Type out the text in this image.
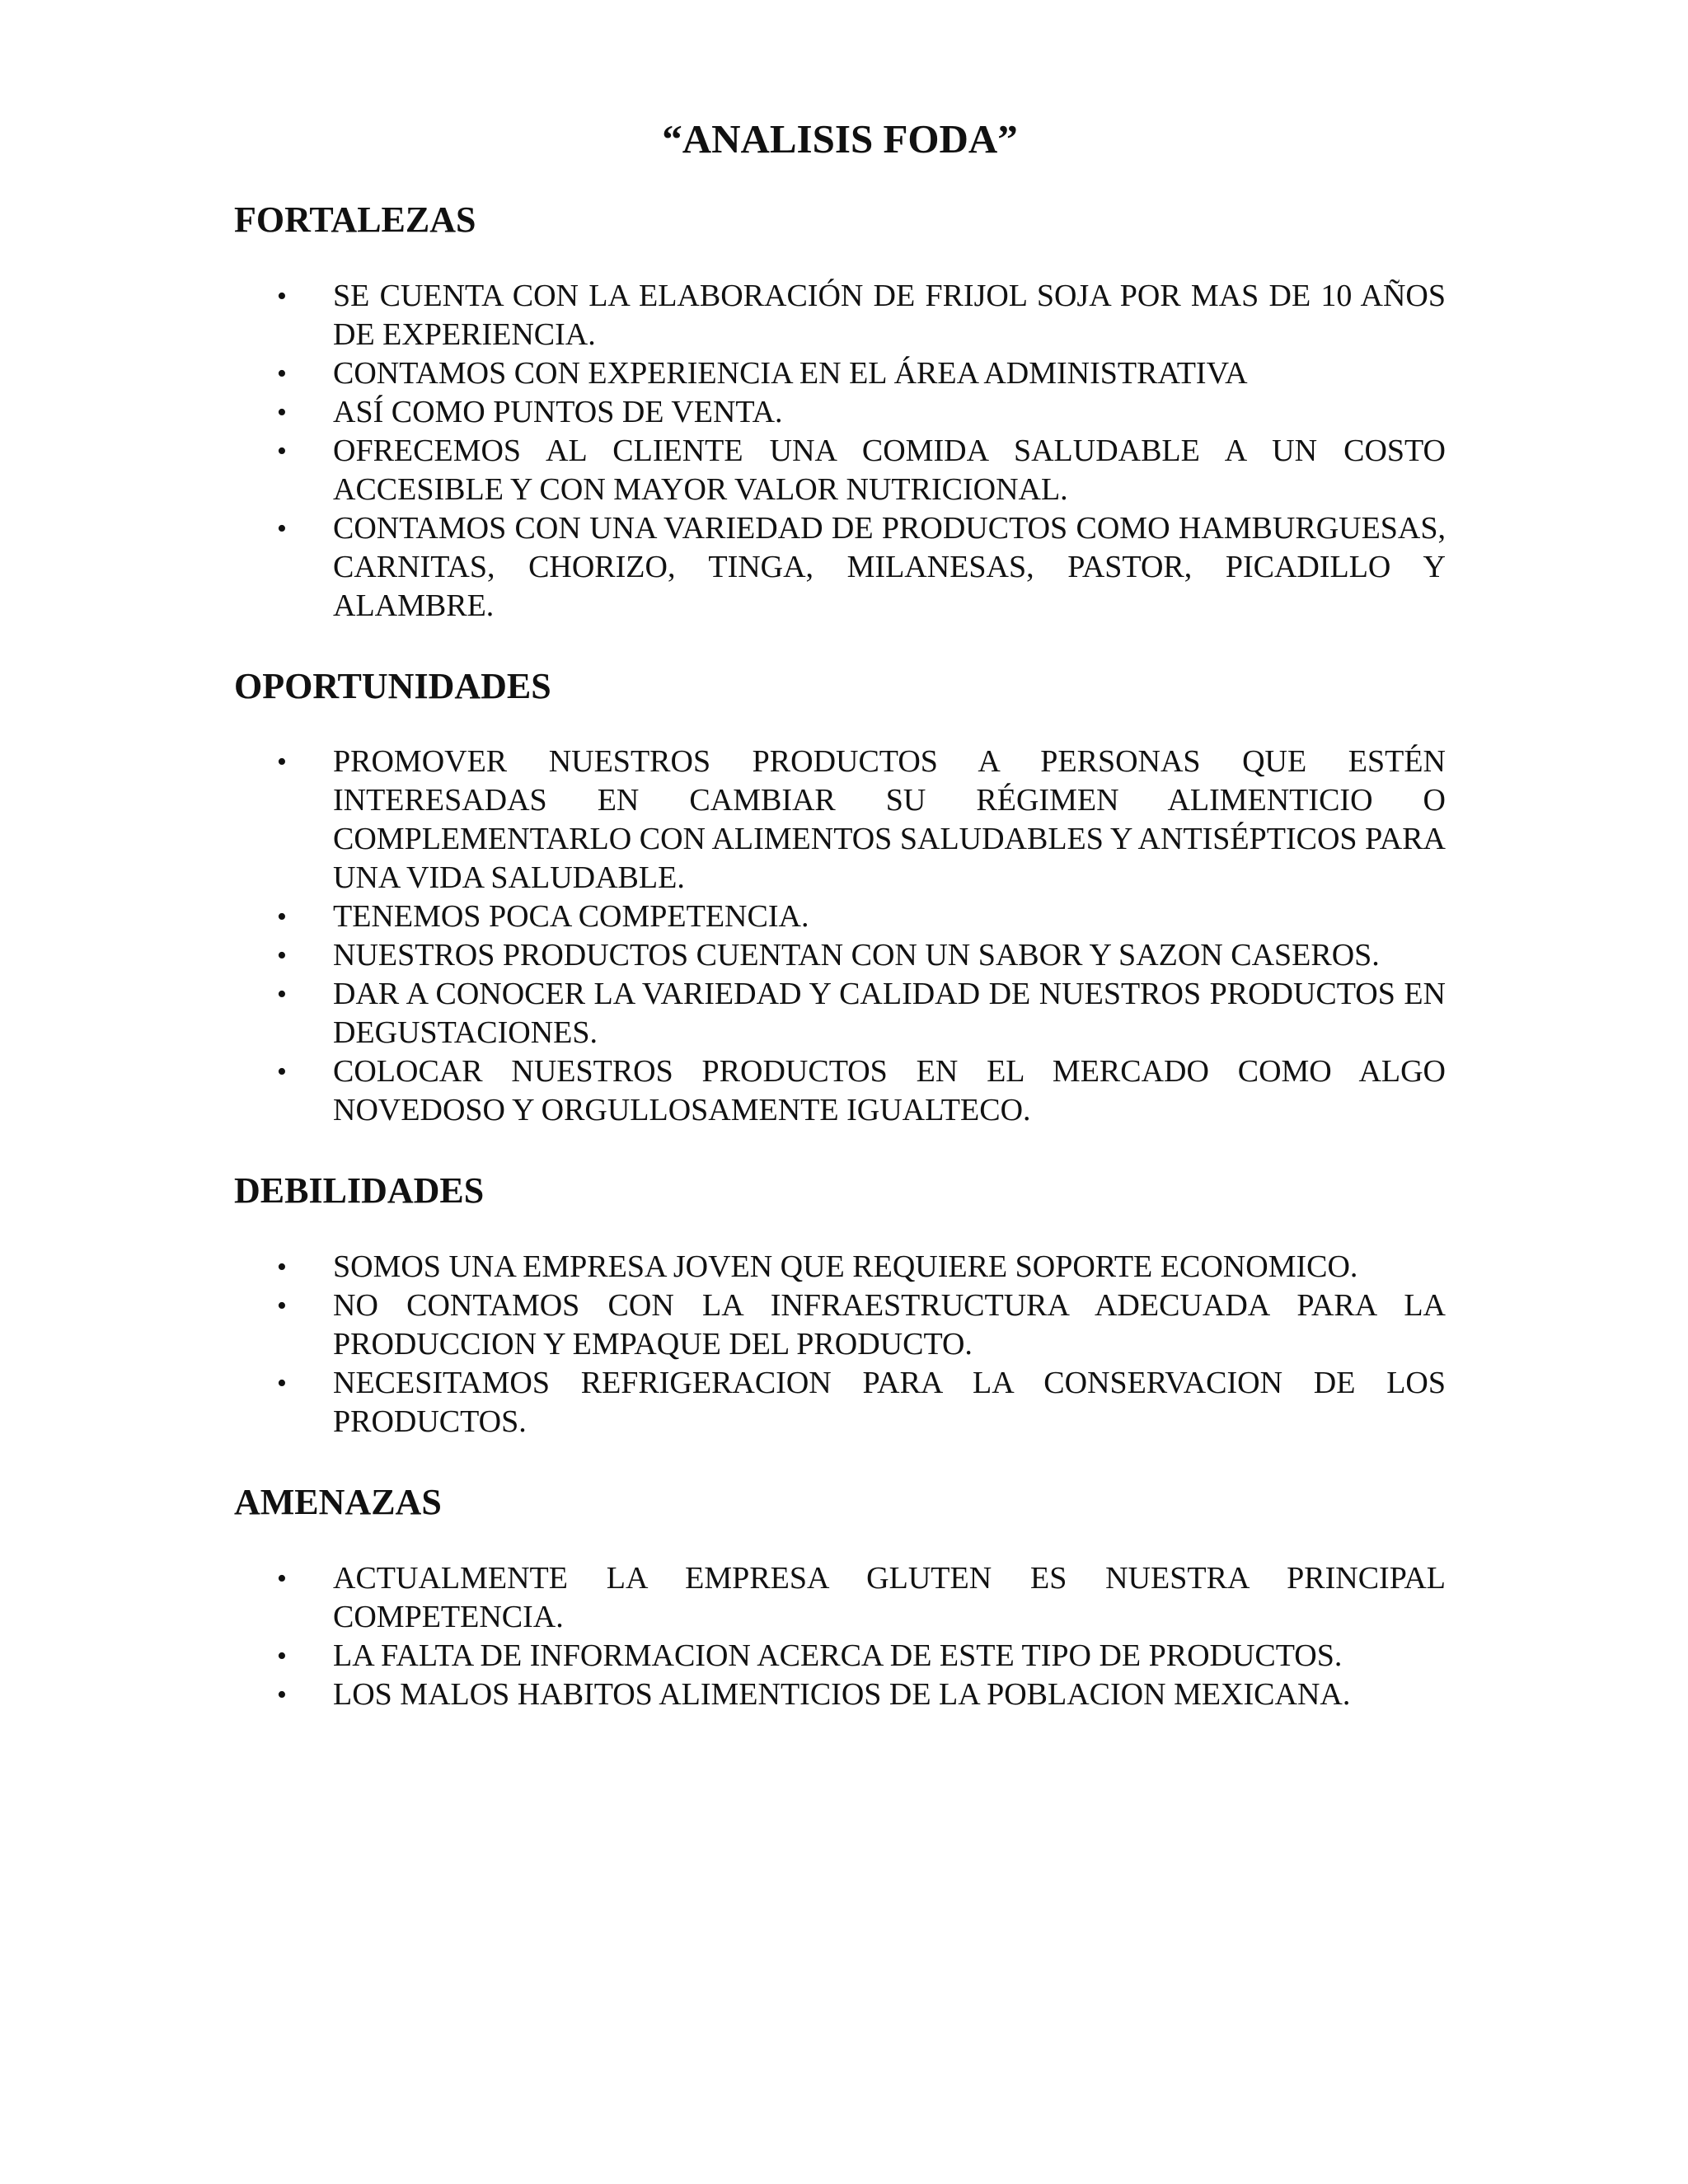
“ANALISIS FODA”
FORTALEZAS
• SE CUENTA CON LA ELABORACIÓN DE FRIJOL SOJA POR MAS DE 10 AÑOS DE EXPERIENCIA.
• CONTAMOS CON EXPERIENCIA EN EL ÁREA ADMINISTRATIVA
• ASÍ COMO PUNTOS DE VENTA.
• OFRECEMOS AL CLIENTE UNA COMIDA SALUDABLE A UN COSTO ACCESIBLE Y CON MAYOR VALOR NUTRICIONAL.
• CONTAMOS CON UNA VARIEDAD DE PRODUCTOS COMO HAMBURGUESAS, CARNITAS, CHORIZO, TINGA, MILANESAS, PASTOR, PICADILLO Y ALAMBRE.
OPORTUNIDADES
• PROMOVER NUESTROS PRODUCTOS A PERSONAS QUE ESTÉN INTERESADAS EN CAMBIAR SU RÉGIMEN ALIMENTICIO O COMPLEMENTARLO CON ALIMENTOS SALUDABLES Y ANTISÉPTICOS PARA UNA VIDA SALUDABLE.
• TENEMOS POCA COMPETENCIA.
• NUESTROS PRODUCTOS CUENTAN CON UN SABOR Y SAZON CASEROS.
• DAR A CONOCER LA VARIEDAD Y CALIDAD DE NUESTROS PRODUCTOS EN DEGUSTACIONES.
• COLOCAR NUESTROS PRODUCTOS EN EL MERCADO COMO ALGO NOVEDOSO Y ORGULLOSAMENTE IGUALTECO.
DEBILIDADES
• SOMOS UNA EMPRESA JOVEN QUE REQUIERE SOPORTE ECONOMICO.
• NO CONTAMOS CON LA INFRAESTRUCTURA ADECUADA PARA LA PRODUCCION Y EMPAQUE DEL PRODUCTO.
• NECESITAMOS REFRIGERACION PARA LA CONSERVACION DE LOS PRODUCTOS.
AMENAZAS
• ACTUALMENTE LA EMPRESA GLUTEN ES NUESTRA PRINCIPAL COMPETENCIA.
• LA FALTA DE INFORMACION ACERCA DE ESTE TIPO DE PRODUCTOS.
• LOS MALOS HABITOS ALIMENTICIOS DE LA POBLACION MEXICANA.
